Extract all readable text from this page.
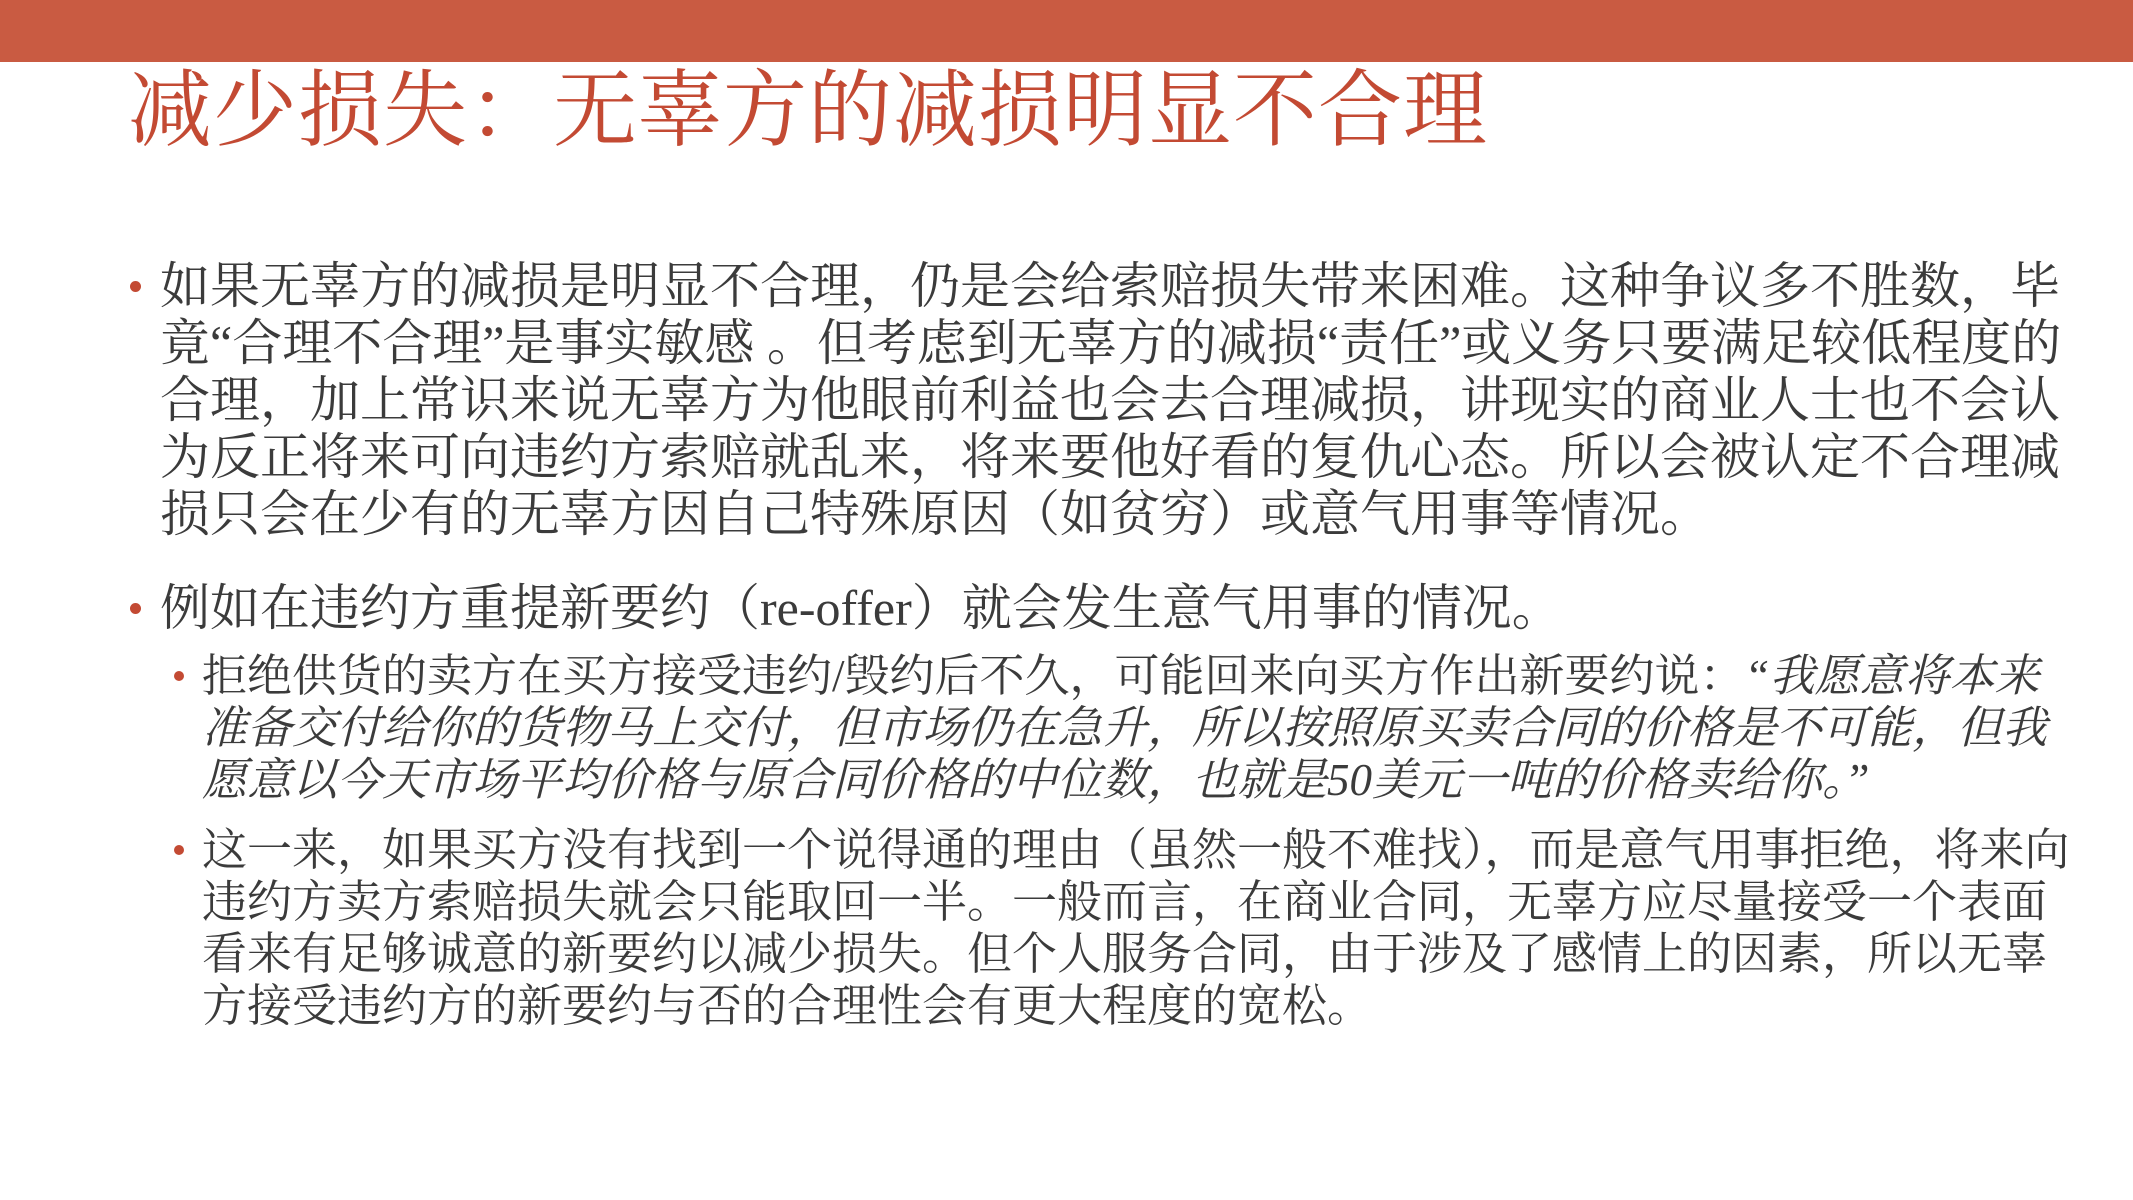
减少损失：无辜方的减损明显不合理

如果无辜方的减损是明显不合理，仍是会给索赔损失带来困难。这种争议多不胜数，毕竟“合理不合理”是事实敏感 。但考虑到无辜方的减损“责任”或义务只要满足较低程度的合理，加上常识来说无辜方为他眼前利益也会去合理减损，讲现实的商业人士也不会认为反正将来可向违约方索赔就乱来，将来要他好看的复仇心态。所以会被认定不合理减损只会在少有的无辜方因自己特殊原因（如贫穷）或意气用事等情况。

例如在违约方重提新要约（re-offer）就会发生意气用事的情况。

拒绝供货的卖方在买方接受违约/毁约后不久，可能回来向买方作出新要约说：“我愿意将本来准备交付给你的货物马上交付，但市场仍在急升，所以按照原买卖合同的价格是不可能，但我愿意以今天市场平均价格与原合同价格的中位数，也就是50美元一吨的价格卖给你。”

这一来，如果买方没有找到一个说得通的理由（虽然一般不难找），而是意气用事拒绝，将来向违约方卖方索赔损失就会只能取回一半。一般而言，在商业合同，无辜方应尽量接受一个表面看来有足够诚意的新要约以减少损失。但个人服务合同，由于涉及了感情上的因素，所以无辜方接受违约方的新要约与否的合理性会有更大程度的宽松。
